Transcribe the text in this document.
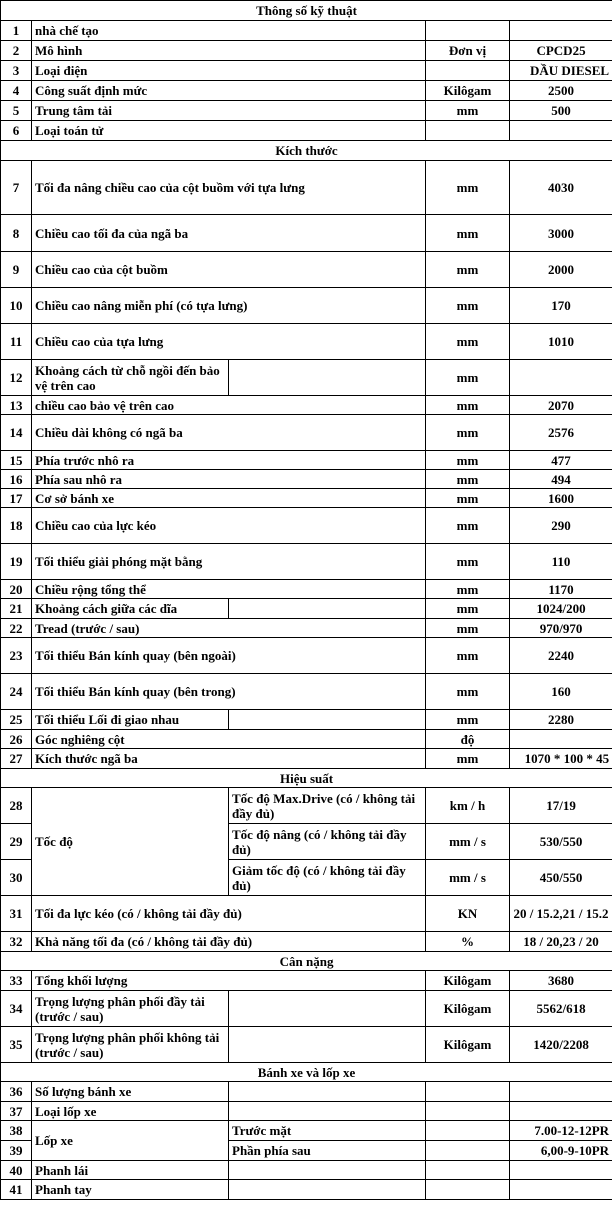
Thông số kỹ thuật				
1	nhà chế tạo			
2	Mô hình		Đơn vị	CPCD25
3	Loại điện			DẦU DIESEL
4	Công suất định mức		Kilôgam	2500
5	Trung tâm tải		mm	500
6	Loại toán tử			
Kích thước				
7	Tối đa nâng chiều cao của cột buồm với tựa lưng		mm	4030
8	Chiều cao tối đa của ngã ba		mm	3000
9	Chiều cao của cột buồm		mm	2000
10	Chiều cao nâng miễn phí (có tựa lưng)		mm	170
11	Chiều cao của tựa lưng		mm	1010
12	Khoảng cách từ chỗ ngồi đến bảo vệ trên cao		mm	
13	chiều cao bảo vệ trên cao		mm	2070
14	Chiều dài không có ngã ba		mm	2576
15	Phía trước nhô ra		mm	477
16	Phía sau nhô ra		mm	494
17	Cơ sở bánh xe		mm	1600
18	Chiều cao của lực kéo		mm	290
19	Tối thiểu giải phóng mặt bằng		mm	110
20	Chiều rộng tổng thể		mm	1170
21	Khoảng cách giữa các dĩa		mm	1024/200
22	Tread (trước / sau)		mm	970/970
23	Tối thiểu Bán kính quay (bên ngoài)		mm	2240
24	Tối thiểu Bán kính quay (bên trong)		mm	160
25	Tối thiểu Lối đi giao nhau		mm	2280
26	Góc nghiêng cột		độ	
27	Kích thước ngã ba		mm	1070 * 100 * 45
Hiệu suất				
28	Tốc độ	Tốc độ Max.Drive (có / không tải đầy đủ)	km / h	17/19
29		Tốc độ nâng (có / không tải đầy đủ)	mm / s	530/550
30		Giảm tốc độ (có / không tải đầy đủ)	mm / s	450/550
31	Tối đa lực kéo (có / không tải đầy đủ)		KN	20 / 15.2,21 / 15.2
32	Khả năng tối đa (có / không tải đầy đủ)		%	18 / 20,23 / 20
Cân nặng				
33	Tổng khối lượng		Kilôgam	3680
34	Trọng lượng phân phối đầy tải (trước / sau)		Kilôgam	5562/618
35	Trọng lượng phân phối không tải (trước / sau)		Kilôgam	1420/2208
Bánh xe và lốp xe				
36	Số lượng bánh xe			
37	Loại lốp xe			
38	Lốp xe	Trước mặt		7.00-12-12PR
39		Phần phía sau		6,00-9-10PR
40	Phanh lái			
41	Phanh tay			
